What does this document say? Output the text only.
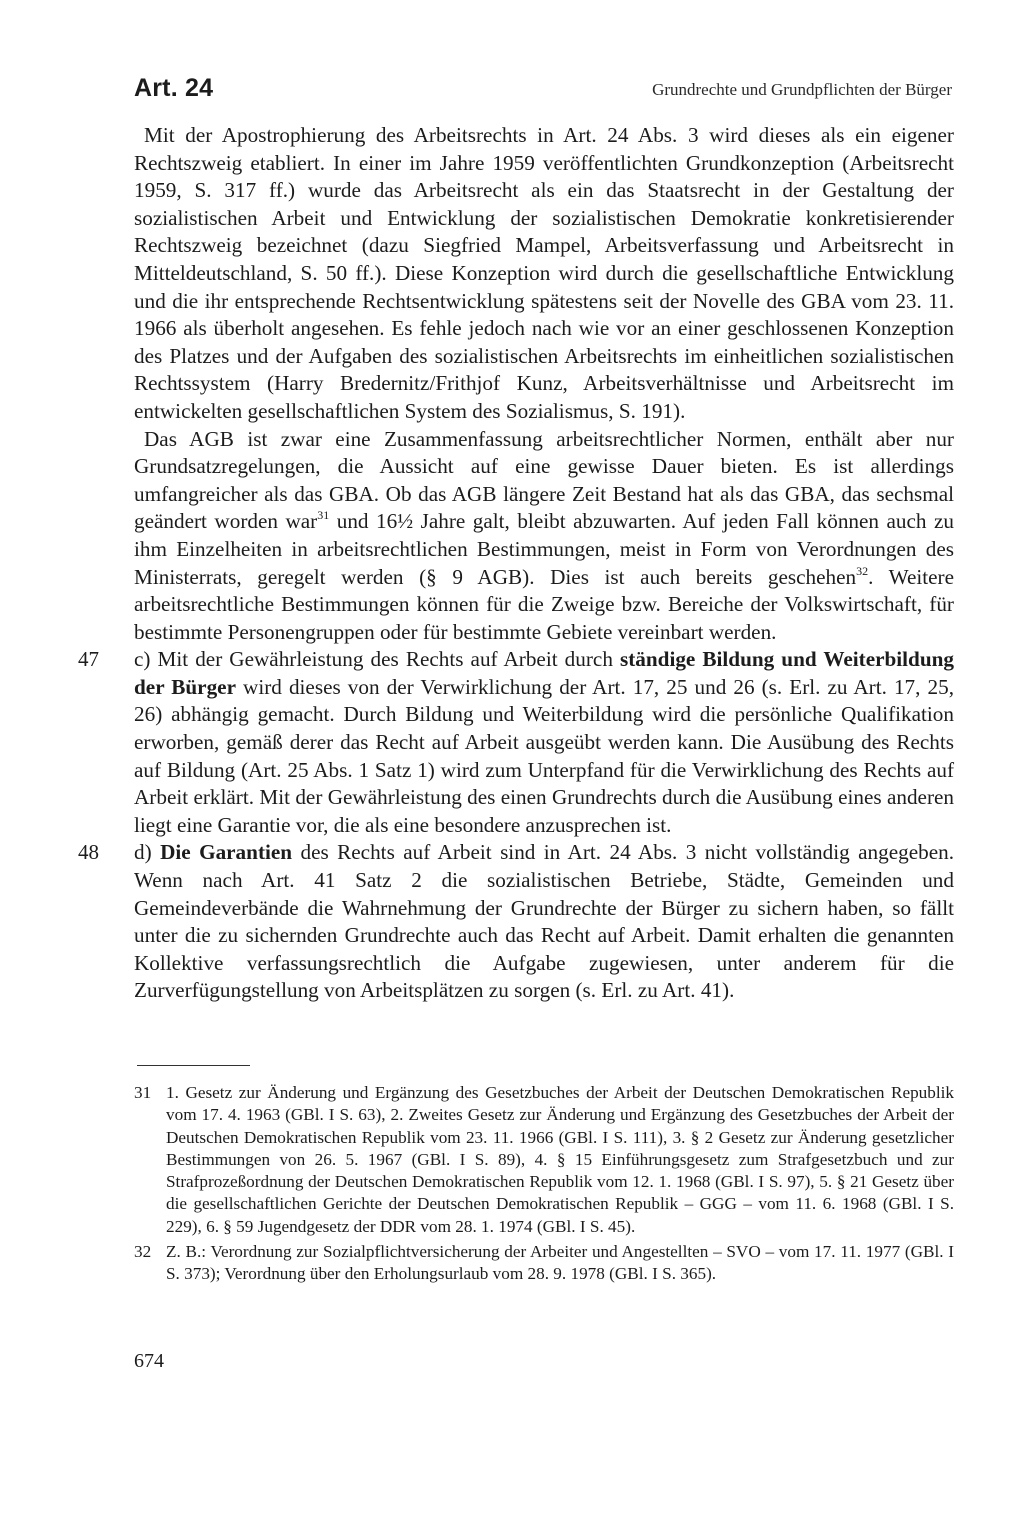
Art. 24	Grundrechte und Grundpflichten der Bürger

Mit der Apostrophierung des Arbeitsrechts in Art. 24 Abs. 3 wird dieses als ein eigener Rechtszweig etabliert. In einer im Jahre 1959 veröffentlichten Grundkonzeption (Arbeitsrecht 1959, S. 317 ff.) wurde das Arbeitsrecht als ein das Staatsrecht in der Gestaltung der sozialistischen Arbeit und Entwicklung der sozialistischen Demokratie konkretisierender Rechtszweig bezeichnet (dazu Siegfried Mampel, Arbeitsverfassung und Arbeitsrecht in Mitteldeutschland, S. 50 ff.). Diese Konzeption wird durch die gesellschaftliche Entwicklung und die ihr entsprechende Rechtsentwicklung spätestens seit der Novelle des GBA vom 23. 11. 1966 als überholt angesehen. Es fehle jedoch nach wie vor an einer geschlossenen Konzeption des Platzes und der Aufgaben des sozialistischen Arbeitsrechts im einheitlichen sozialistischen Rechtssystem (Harry Bredernitz/Frithjof Kunz, Arbeitsverhältnisse und Arbeitsrecht im entwickelten gesellschaftlichen System des Sozialismus, S. 191).

Das AGB ist zwar eine Zusammenfassung arbeitsrechtlicher Normen, enthält aber nur Grundsatzregelungen, die Aussicht auf eine gewisse Dauer bieten. Es ist allerdings umfangreicher als das GBA. Ob das AGB längere Zeit Bestand hat als das GBA, das sechsmal geändert worden war$^{31}$ und 16½ Jahre galt, bleibt abzuwarten. Auf jeden Fall können auch zu ihm Einzelheiten in arbeitsrechtlichen Bestimmungen, meist in Form von Verordnungen des Ministerrats, geregelt werden (§ 9 AGB). Dies ist auch bereits geschehen$^{32}$. Weitere arbeitsrechtliche Bestimmungen können für die Zweige bzw. Bereiche der Volkswirtschaft, für bestimmte Personengruppen oder für bestimmte Gebiete vereinbart werden.

47	c) Mit der Gewährleistung des Rechts auf Arbeit durch ständige Bildung und Weiterbildung der Bürger wird dieses von der Verwirklichung der Art. 17, 25 und 26 (s. Erl. zu Art. 17, 25, 26) abhängig gemacht. Durch Bildung und Weiterbildung wird die persönliche Qualifikation erworben, gemäß derer das Recht auf Arbeit ausgeübt werden kann. Die Ausübung des Rechts auf Bildung (Art. 25 Abs. 1 Satz 1) wird zum Unterpfand für die Verwirklichung des Rechts auf Arbeit erklärt. Mit der Gewährleistung des einen Grundrechts durch die Ausübung eines anderen liegt eine Garantie vor, die als eine besondere anzusprechen ist.

48	d) Die Garantien des Rechts auf Arbeit sind in Art. 24 Abs. 3 nicht vollständig angegeben. Wenn nach Art. 41 Satz 2 die sozialistischen Betriebe, Städte, Gemeinden und Gemeindeverbände die Wahrnehmung der Grundrechte der Bürger zu sichern haben, so fällt unter die zu sichernden Grundrechte auch das Recht auf Arbeit. Damit erhalten die genannten Kollektive verfassungsrechtlich die Aufgabe zugewiesen, unter anderem für die Zurverfügungstellung von Arbeitsplätzen zu sorgen (s. Erl. zu Art. 41).

31 1. Gesetz zur Änderung und Ergänzung des Gesetzbuches der Arbeit der Deutschen Demokratischen Republik vom 17. 4. 1963 (GBl. I S. 63), 2. Zweites Gesetz zur Änderung und Ergänzung des Gesetzbuches der Arbeit der Deutschen Demokratischen Republik vom 23. 11. 1966 (GBl. I S. 111), 3. § 2 Gesetz zur Änderung gesetzlicher Bestimmungen von 26. 5. 1967 (GBl. I S. 89), 4. § 15 Einführungsgesetz zum Strafgesetzbuch und zur Strafprozeßordnung der Deutschen Demokratischen Republik vom 12. 1. 1968 (GBl. I S. 97), 5. § 21 Gesetz über die gesellschaftlichen Gerichte der Deutschen Demokratischen Republik – GGG – vom 11. 6. 1968 (GBl. I S. 229), 6. § 59 Jugendgesetz der DDR vom 28. 1. 1974 (GBl. I S. 45).

32 Z. B.: Verordnung zur Sozialpflichtversicherung der Arbeiter und Angestellten – SVO – vom 17. 11. 1977 (GBl. I S. 373); Verordnung über den Erholungsurlaub vom 28. 9. 1978 (GBl. I S. 365).

674
